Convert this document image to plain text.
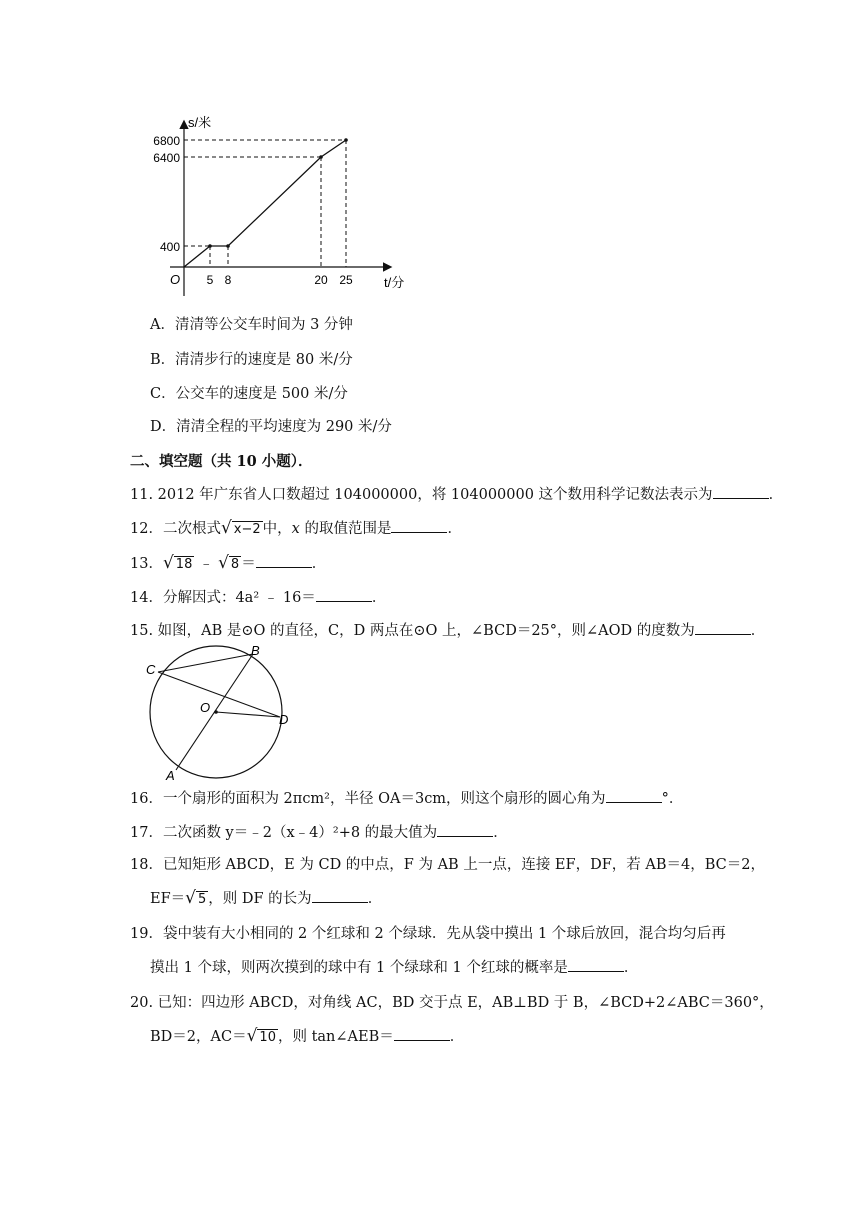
s/米
t/分
O
6800
6400
400
5 8	20 25
A．清清等公交车时间为 3 分钟
B．清清步行的速度是 80 米/分
C．公交车的速度是 500 米/分
D．清清全程的平均速度为 290 米/分
二、填空题（共 10 小题）．
11. 2012 年广东省人口数超过 104000000，将 104000000 这个数用科学记数法表示为	．
12．二次根式√ x−2 中，x 的取值范围是	．
13．√ 18 ﹣ √ 8 ＝	．
14．分解因式：4a² ﹣ 16＝	．
15. 如图，AB 是⊙O 的直径，C，D 两点在⊙O 上，∠BCD＝25°，则∠AOD 的度数为	．
C
B
O
D
A
16．一个扇形的面积为 2πcm²，半径 OA＝3cm，则这个扇形的圆心角为	°．
17．二次函数 y＝﹣2（x﹣4）²+8 的最大值为	．
18．已知矩形 ABCD，E 为 CD 的中点，F 为 AB 上一点，连接 EF，DF，若 AB＝4，BC＝2，
EF＝√ 5 ，则 DF 的长为	．
19．袋中装有大小相同的 2 个红球和 2 个绿球．先从袋中摸出 1 个球后放回，混合均匀后再
摸出 1 个球，则两次摸到的球中有 1 个绿球和 1 个红球的概率是	．
20. 已知：四边形 ABCD，对角线 AC，BD 交于点 E，AB⊥BD 于 B，∠BCD+2∠ABC＝360°，
BD＝2，AC＝√ 10 ，则 tan∠AEB＝	．
